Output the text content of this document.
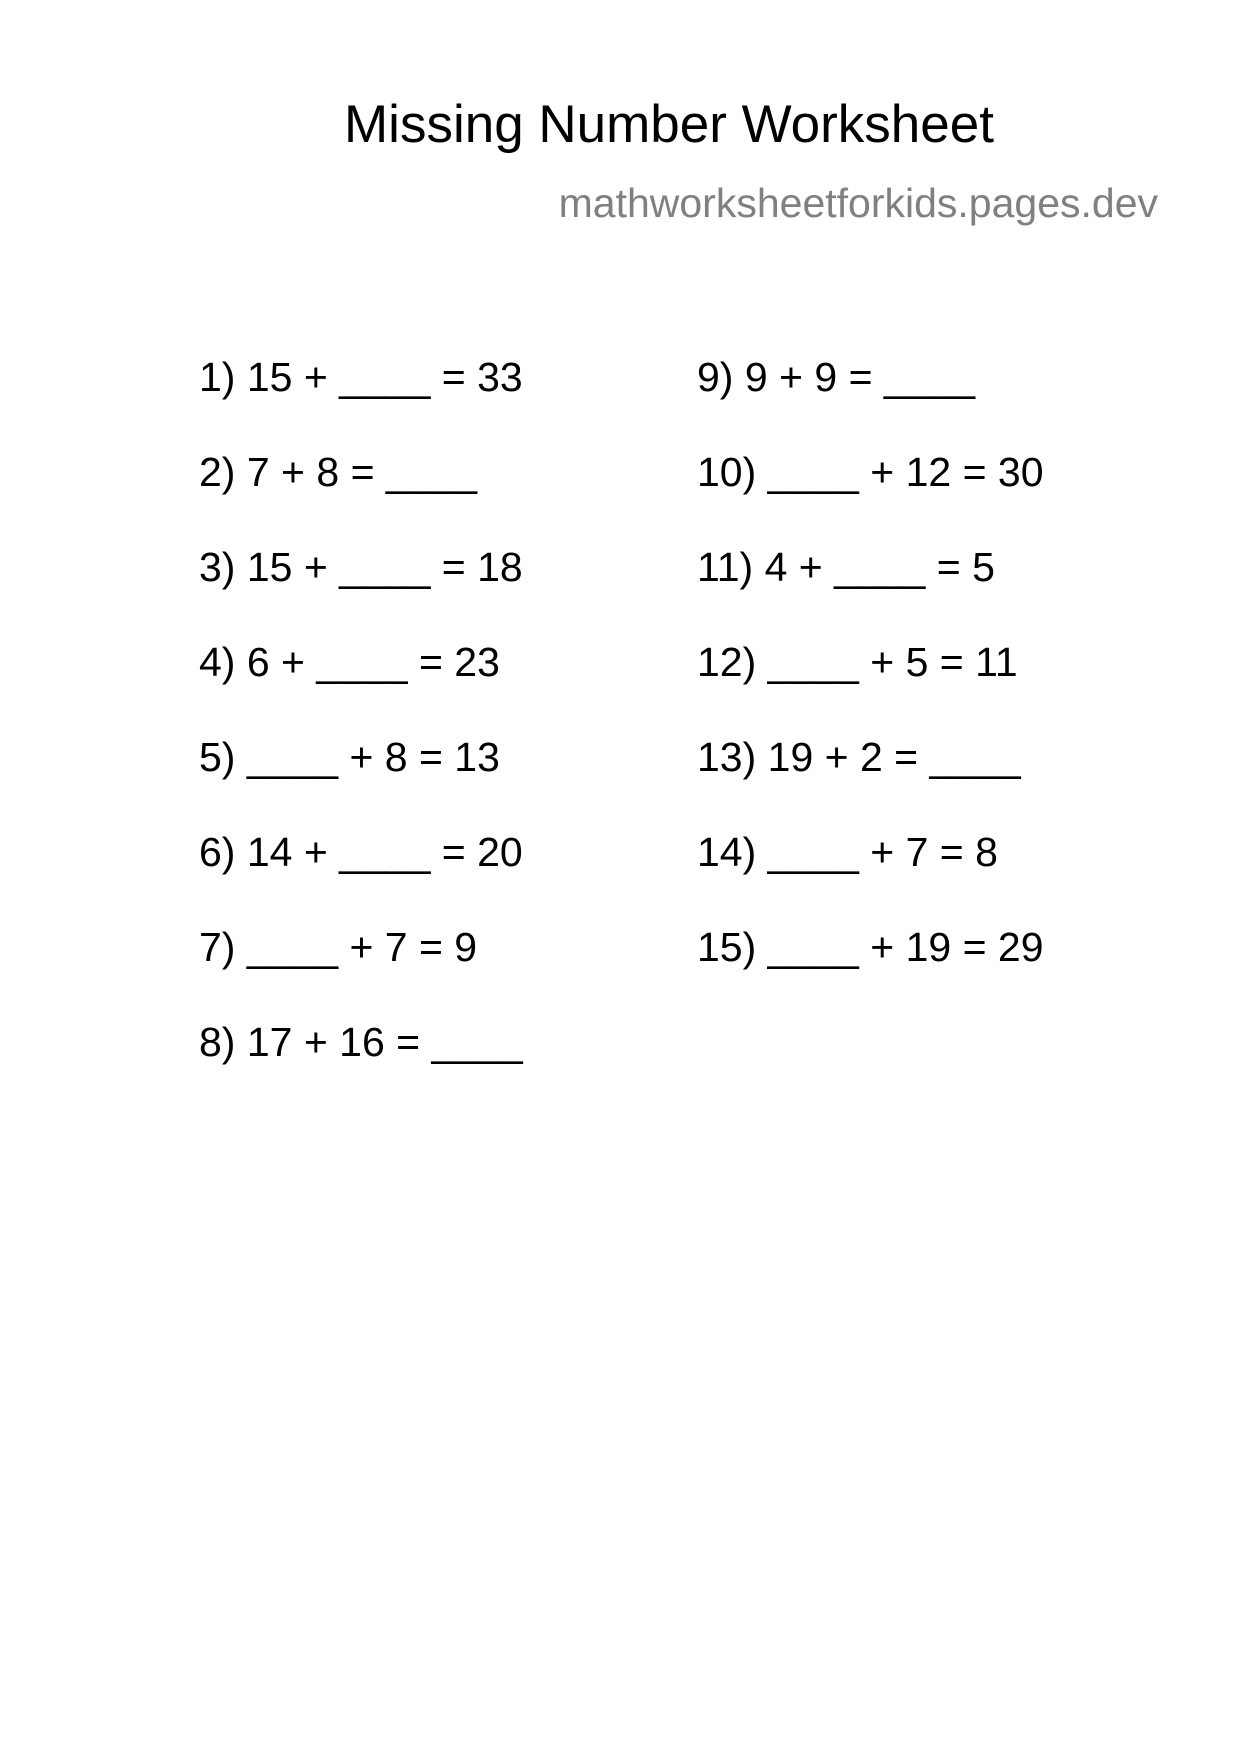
Missing Number Worksheet
mathworksheetforkids.pages.dev
1) 15 + ____ = 33
2) 7 + 8 = ____
3) 15 + ____ = 18
4) 6 + ____ = 23
5) ____ + 8 = 13
6) 14 + ____ = 20
7) ____ + 7 = 9
8) 17 + 16 = ____
9) 9 + 9 = ____
10) ____ + 12 = 30
11) 4 + ____ = 5
12) ____ + 5 = 11
13) 19 + 2 = ____
14) ____ + 7 = 8
15) ____ + 19 = 29
